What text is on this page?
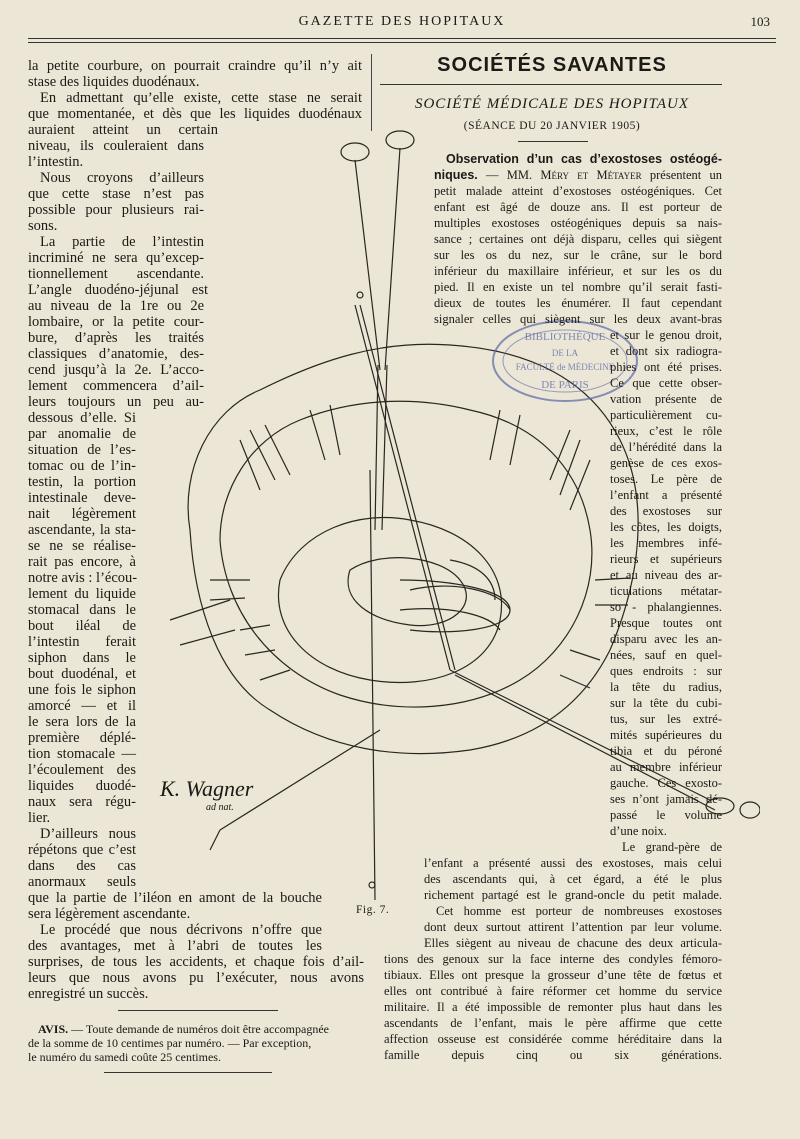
GAZETTE DES HOPITAUX	103
BIBLIOTHÈQUE
DE LA
FACULTÉ de MÉDECINE
DE PARIS
K. Wagner
ad nat.
la petite courbure, on pourrait craindre qu’il n’y ait
stase des liquides duodénaux.
En admettant qu’elle existe, cette stase ne serait
que momentanée, et dès que les liquides duodénaux
auraient atteint un certain
niveau, ils couleraient dans
l’intestin.
Nous croyons d’ailleurs
que cette stase n’est pas
possible pour plusieurs rai-
sons.
La partie de l’intestin
incriminé ne sera qu’excep-
tionnellement ascendante.
L’angle duodéno-jéjunal est
au niveau de la 1re ou 2e
lombaire, or la petite cour-
bure, d’après les traités
classiques d’anatomie, des-
cend jusqu’à la 2e. L’acco-
lement commencera d’ail-
leurs toujours un peu au-
dessous d’elle. Si
par anomalie de
situation de l’es-
tomac ou de l’in-
testin, la portion
intestinale deve-
nait légèrement
ascendante, la sta-
se ne se réalise-
rait pas encore, à
notre avis : l’écou-
lement du liquide
stomacal dans le
bout iléal de
l’intestin ferait
siphon dans le
bout duodénal, et
une fois le siphon
amorcé — et il
le sera lors de la
première déplé-
tion stomacale —
l’écoulement des
liquides duodé-
naux sera régu-
lier.
D’ailleurs nous
répétons que c’est
dans des cas
anormaux seuls
que la partie de l’iléon en amont de la bouche
sera légèrement ascendante.
Le procédé que nous décrivons n’offre que
des avantages, met à l’abri de toutes les
surprises, de tous les accidents, et chaque fois d’ail-
leurs que nous avons pu l’exécuter, nous avons
enregistré un succès.
AVIS. — Toute demande de numéros doit être accompagnée
de la somme de 10 centimes par numéro. — Par exception,
le numéro du samedi coûte 25 centimes.
SOCIÉTÉS SAVANTES
SOCIÉTÉ MÉDICALE DES HOPITAUX
(SÉANCE DU 20 JANVIER 1905)
Observation d’un cas d’exostoses ostéogé-
niques. — MM. Méry et Métayer présentent un
petit malade atteint d’exostoses ostéogéniques. Cet
enfant est âgé de douze ans. Il est porteur de
multiples exostoses ostéogéniques depuis sa nais-
sance ; certaines ont déjà disparu, celles qui siègent
sur les os du nez, sur le crâne, sur le bord
inférieur du maxillaire inférieur, et sur les os du
pied. Il en existe un tel nombre qu’il serait fasti-
dieux de toutes les énumérer. Il faut cependant
signaler celles qui siègent sur les deux avant-bras
et sur le genou droit,
et dont six radiogra-
phies ont été prises.
Ce que cette obser-
vation présente de
particulièrement cu-
rieux, c’est le rôle
de l’hérédité dans la
genèse de ces exos-
toses. Le père de
l’enfant a présenté
des exostoses sur
les côtes, les doigts,
les membres infé-
rieurs et supérieurs
et au niveau des ar-
ticulations métatar-
so - phalangiennes.
Presque toutes ont
disparu avec les an-
nées, sauf en quel-
ques endroits : sur
la tête du radius,
sur la tête du cubi-
tus, sur les extré-
mités supérieures du
tibia et du péroné
au membre inférieur
gauche. Ces exosto-
ses n’ont jamais dé-
passé le volume
d’une noix.
Le grand-père de
l’enfant a présenté aussi des exostoses, mais celui
des ascendants qui, à cet égard, a été le plus
richement partagé est le grand-oncle du petit malade.
Cet homme est porteur de nombreuses exostoses
dont deux surtout attirent l’attention par leur volume.
Elles siègent au niveau de chacune des deux articula-
tions des genoux sur la face interne des condyles fémoro-
tibiaux. Elles ont presque la grosseur d’une tête de fœtus et
elles ont contribué à faire réformer cet homme du service
militaire. Il a été impossible de remonter plus haut dans les
ascendants de l’enfant, mais le père affirme que cette
affection osseuse est considérée comme héréditaire dans la
famille depuis cinq ou six générations.
Fig. 7.
